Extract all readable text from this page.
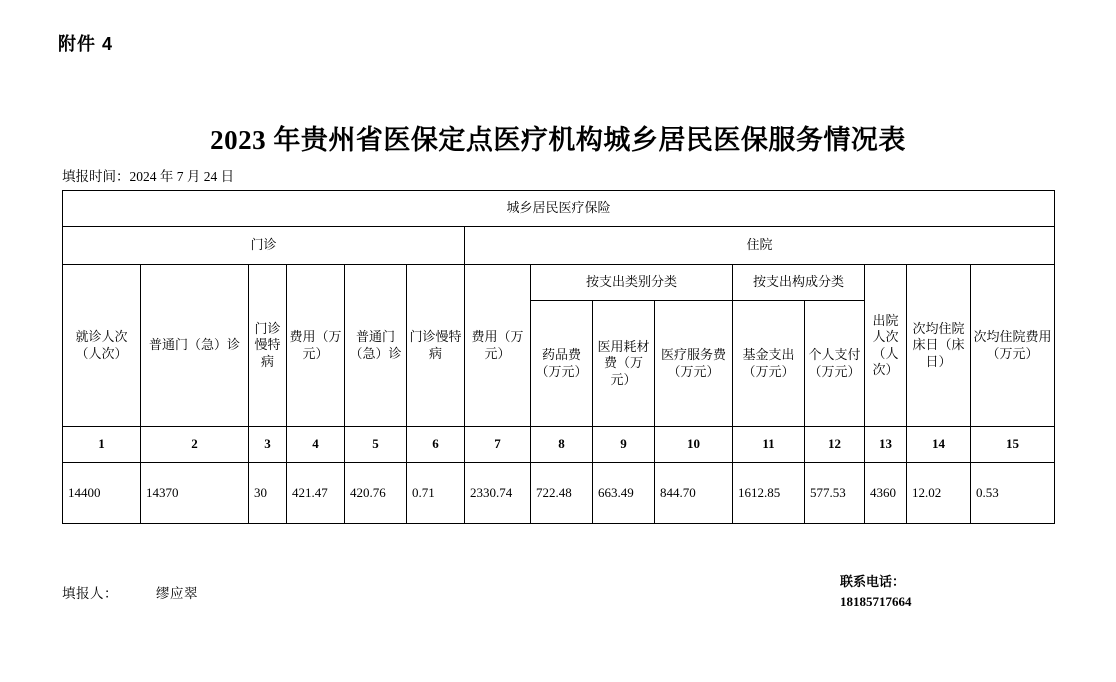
附件 4
2023 年贵州省医保定点医疗机构城乡居民医保服务情况表
填报时间：2024 年 7 月 24 日
城乡居民医疗保险														
门诊						住院								
就诊人次（人次）	普通门（急）诊	门诊慢特病	费用（万元）	普通门（急）诊	门诊慢特病	费用（万元）	按支出类别分类			按支出构成分类		出院人次（人次）	次均住院床日（床日）	次均住院费用（万元）
							药品费（万元）	医用耗材费（万元）	医疗服务费（万元）	基金支出（万元）	个人支付（万元）			
1	2	3	4	5	6	7	8	9	10	11	12	13	14	15
14400	14370	30	421.47	420.76	0.71	2330.74	722.48	663.49	844.70	1612.85	577.53	4360	12.02	0.53
填报人：	缪应翠
联系电话：
18185717664
